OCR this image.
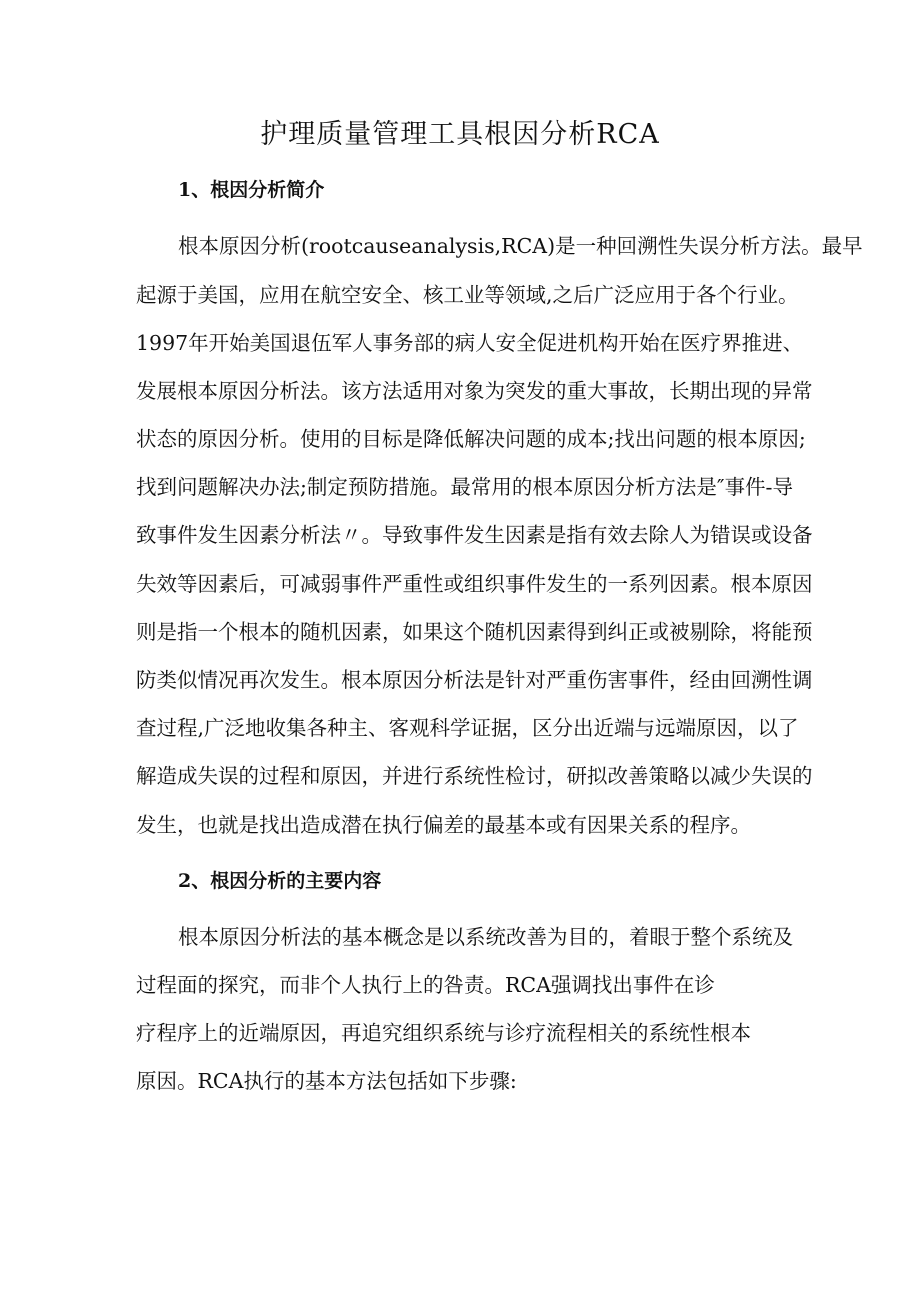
护理质量管理工具根因分析RCA
1、根因分析简介

根本原因分析(rootcauseanalysis,RCA)是一种回溯性失误分析方法。最早

起源于美国，应用在航空安全、核工业等领域,之后广泛应用于各个行业。

1997年开始美国退伍军人事务部的病人安全促进机构开始在医疗界推进、

发展根本原因分析法。该方法适用对象为突发的重大事故，长期出现的异常

状态的原因分析。使用的目标是降低解决问题的成本;找出问题的根本原因;

找到问题解决办法;制定预防措施。最常用的根本原因分析方法是″事件-导

致事件发生因素分析法〃。导致事件发生因素是指有效去除人为错误或设备

失效等因素后，可减弱事件严重性或组织事件发生的一系列因素。根本原因

则是指一个根本的随机因素，如果这个随机因素得到纠正或被剔除，将能预

防类似情况再次发生。根本原因分析法是针对严重伤害事件，经由回溯性调

查过程,广泛地收集各种主、客观科学证据，区分出近端与远端原因，以了

解造成失误的过程和原因，并进行系统性检讨，研拟改善策略以减少失误的

发生，也就是找出造成潜在执行偏差的最基本或有因果关系的程序。

2、根因分析的主要内容

根本原因分析法的基本概念是以系统改善为目的，着眼于整个系统及

过程面的探究，而非个人执行上的咎责。RCA强调找出事件在诊

疗程序上的近端原因，再追究组织系统与诊疗流程相关的系统性根本

原因。RCA执行的基本方法包括如下步骤:
